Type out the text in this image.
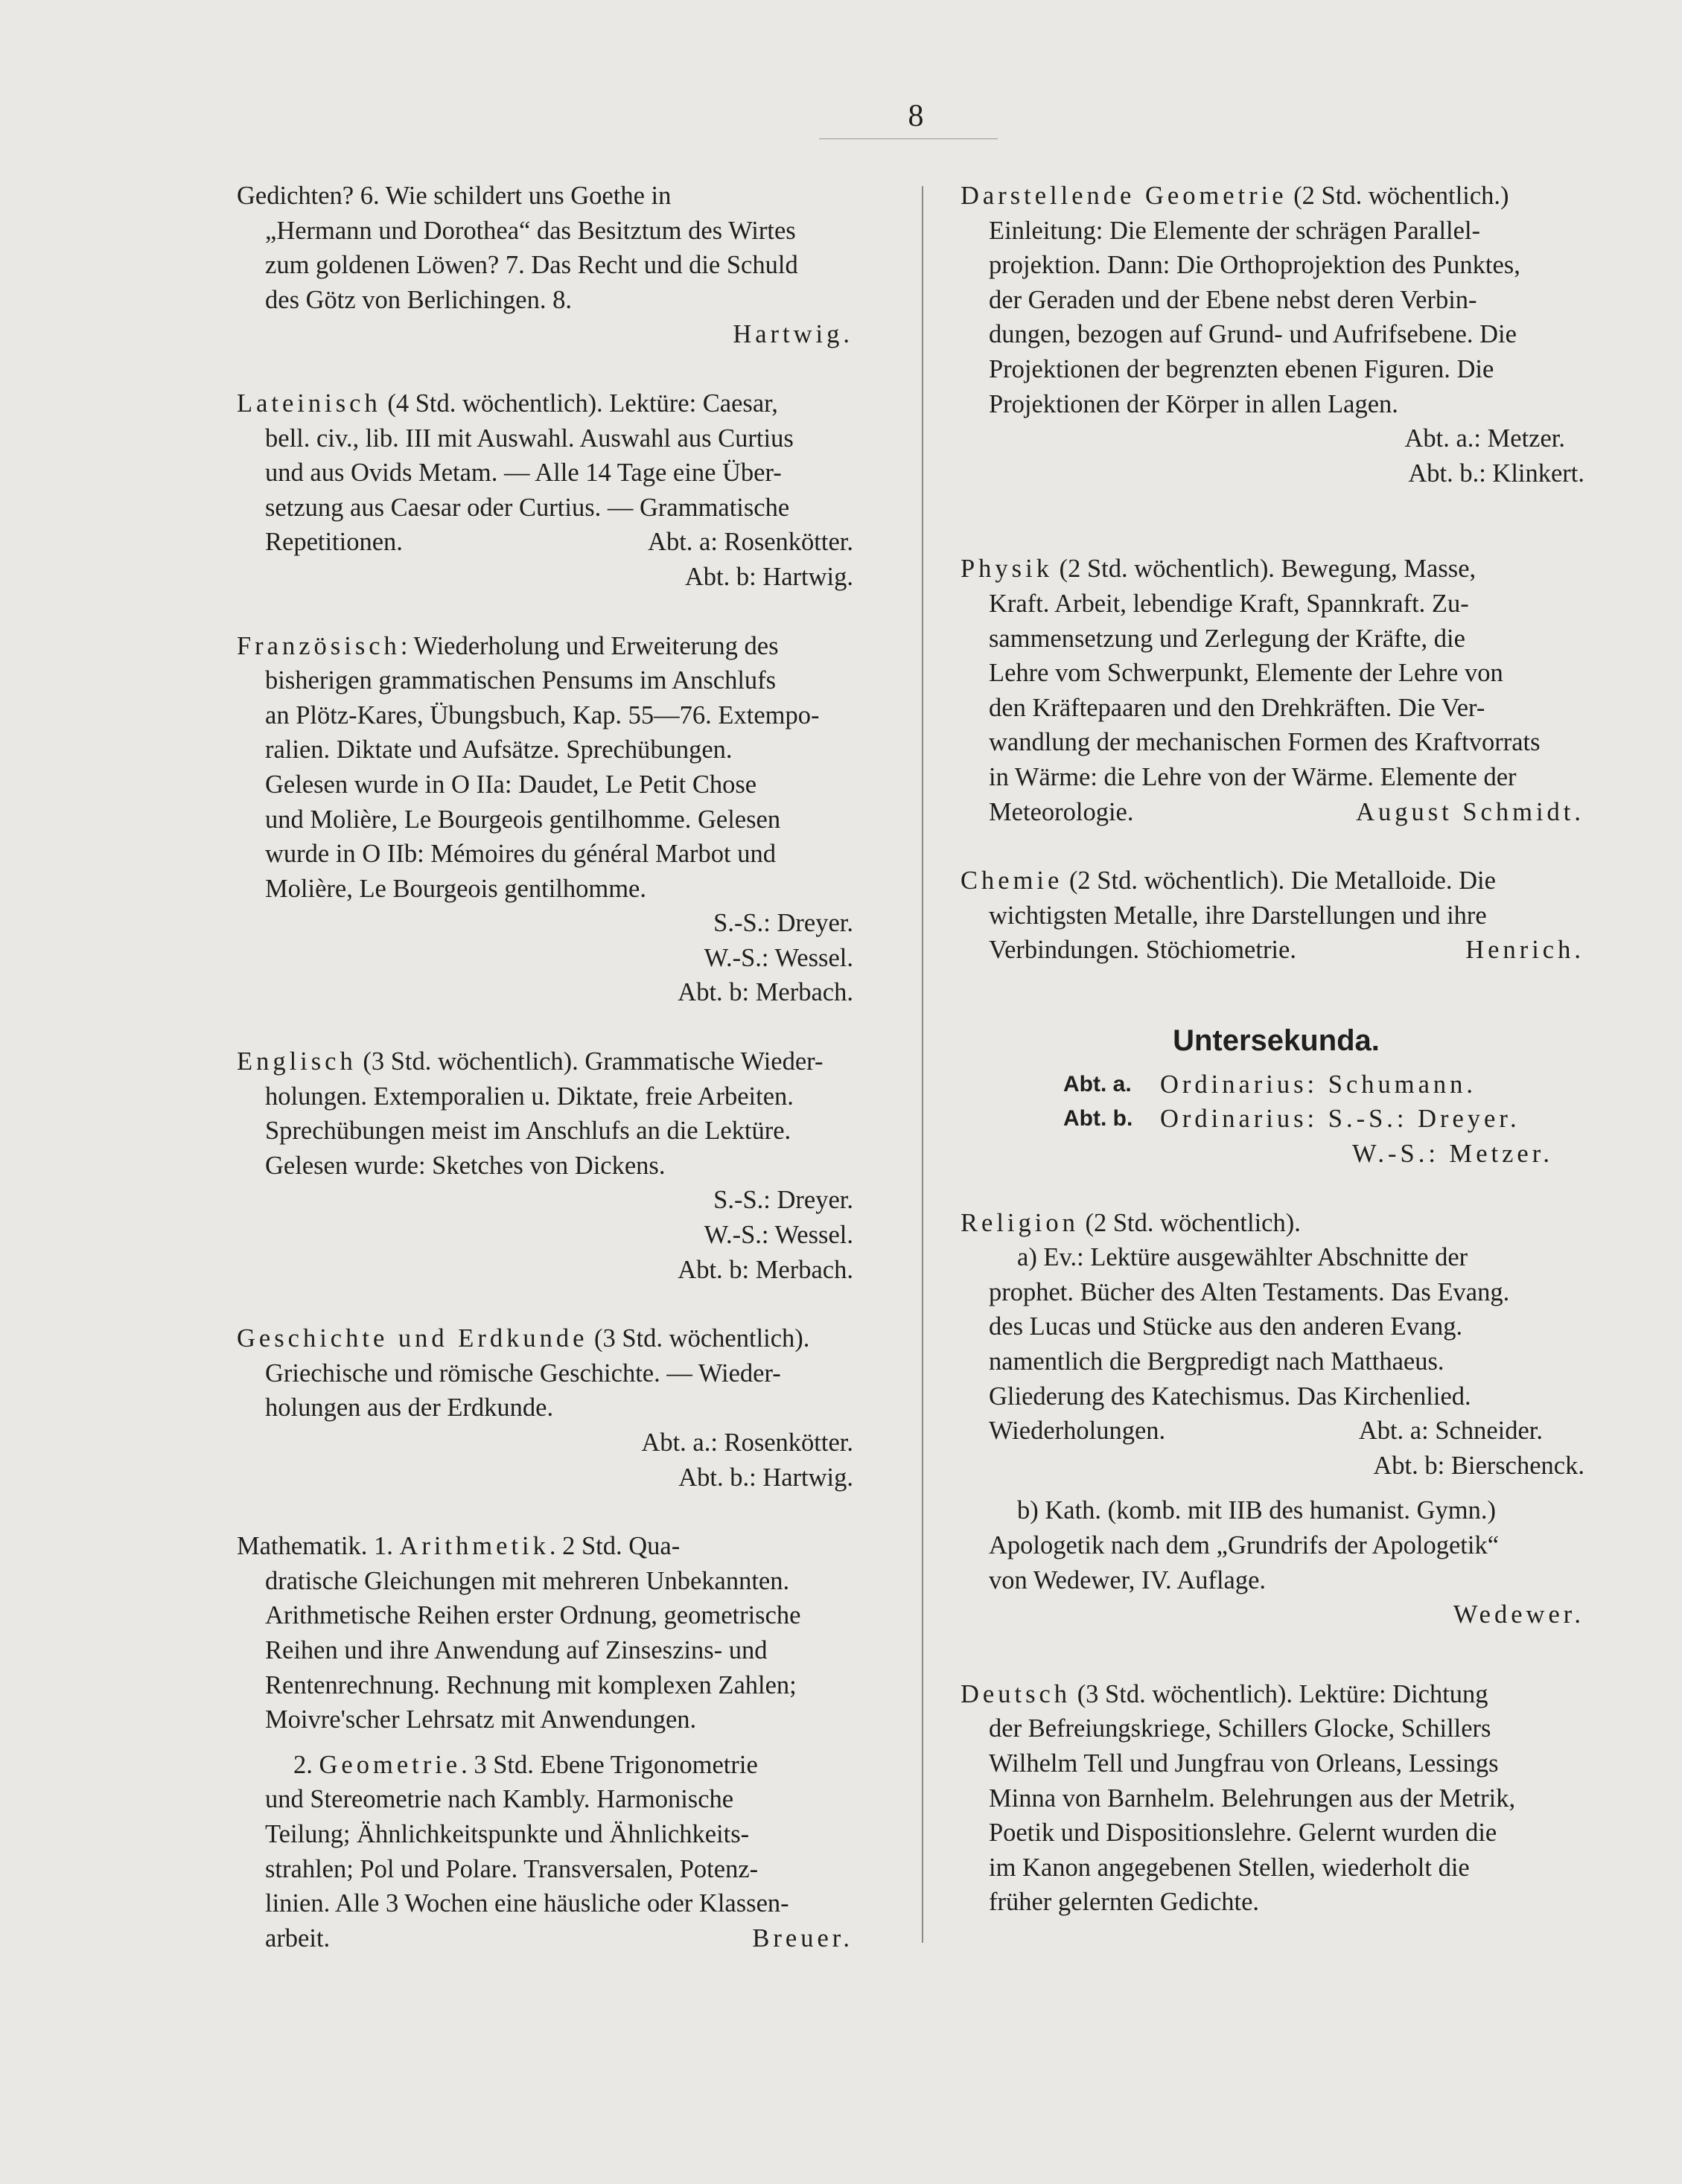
8

Gedichten? 6. Wie schildert uns Goethe in

„Hermann und Dorothea“ das Besitztum des Wirtes

zum goldenen Löwen? 7. Das Recht und die Schuld

des Götz von Berlichingen. 8.

Hartwig.

Lateinisch (4 Std. wöchentlich). Lektüre: Caesar,

bell. civ., lib. III mit Auswahl. Auswahl aus Curtius

und aus Ovids Metam. — Alle 14 Tage eine Über-

setzung aus Caesar oder Curtius. — Grammatische

Repetitionen.	Abt. a: Rosenkötter.

Abt. b: Hartwig.

Französisch: Wiederholung und Erweiterung des

bisherigen grammatischen Pensums im Anschlufs

an Plötz-Kares, Übungsbuch, Kap. 55—76. Extempo-

ralien. Diktate und Aufsätze. Sprechübungen.

Gelesen wurde in O IIa: Daudet, Le Petit Chose

und Molière, Le Bourgeois gentilhomme. Gelesen

wurde in O IIb: Mémoires du général Marbot und

Molière, Le Bourgeois gentilhomme.

S.-S.: Dreyer.

W.-S.: Wessel.

Abt. b: Merbach.

Englisch (3 Std. wöchentlich). Grammatische Wieder-

holungen. Extemporalien u. Diktate, freie Arbeiten.

Sprechübungen meist im Anschlufs an die Lektüre.

Gelesen wurde: Sketches von Dickens.

S.-S.: Dreyer.

W.-S.: Wessel.

Abt. b: Merbach.

Geschichte und Erdkunde (3 Std. wöchentlich).

Griechische und römische Geschichte. — Wieder-

holungen aus der Erdkunde.

Abt. a.: Rosenkötter.

Abt. b.: Hartwig.

Mathematik. 1. Arithmetik. 2 Std. Qua-

dratische Gleichungen mit mehreren Unbekannten.

Arithmetische Reihen erster Ordnung, geometrische

Reihen und ihre Anwendung auf Zinseszins- und

Rentenrechnung. Rechnung mit komplexen Zahlen;

Moivre'scher Lehrsatz mit Anwendungen.

2. Geometrie. 3 Std. Ebene Trigonometrie

und Stereometrie nach Kambly. Harmonische

Teilung; Ähnlichkeitspunkte und Ähnlichkeits-

strahlen; Pol und Polare. Transversalen, Potenz-

linien. Alle 3 Wochen eine häusliche oder Klassen-

arbeit.	Breuer.

Darstellende Geometrie (2 Std. wöchentlich.)

Einleitung: Die Elemente der schrägen Parallel-

projektion. Dann: Die Orthoprojektion des Punktes,

der Geraden und der Ebene nebst deren Verbin-

dungen, bezogen auf Grund- und Aufrifsebene. Die

Projektionen der begrenzten ebenen Figuren. Die

Projektionen der Körper in allen Lagen.

Abt. a.: Metzer.

Abt. b.: Klinkert.

Physik (2 Std. wöchentlich). Bewegung, Masse,

Kraft. Arbeit, lebendige Kraft, Spannkraft. Zu-

sammensetzung und Zerlegung der Kräfte, die

Lehre vom Schwerpunkt, Elemente der Lehre von

den Kräftepaaren und den Drehkräften. Die Ver-

wandlung der mechanischen Formen des Kraftvorrats

in Wärme: die Lehre von der Wärme. Elemente der

Meteorologie.	August Schmidt.

Chemie (2 Std. wöchentlich). Die Metalloide. Die

wichtigsten Metalle, ihre Darstellungen und ihre

Verbindungen. Stöchiometrie.	Henrich.
Untersekunda.
Abt. a.	Ordinarius: Schumann.
Abt. b.	Ordinarius: S.-S.: Dreyer.

W.-S.: Metzer.

Religion (2 Std. wöchentlich).

a) Ev.: Lektüre ausgewählter Abschnitte der

prophet. Bücher des Alten Testaments. Das Evang.

des Lucas und Stücke aus den anderen Evang.

namentlich die Bergpredigt nach Matthaeus.

Gliederung des Katechismus. Das Kirchenlied.

Wiederholungen.	Abt. a: Schneider.

Abt. b: Bierschenck.

b) Kath. (komb. mit IIB des humanist. Gymn.)

Apologetik nach dem „Grundrifs der Apologetik“

von Wedewer, IV. Auflage.

Wedewer.

Deutsch (3 Std. wöchentlich). Lektüre: Dichtung

der Befreiungskriege, Schillers Glocke, Schillers

Wilhelm Tell und Jungfrau von Orleans, Lessings

Minna von Barnhelm. Belehrungen aus der Metrik,

Poetik und Dispositionslehre. Gelernt wurden die

im Kanon angegebenen Stellen, wiederholt die

früher gelernten Gedichte.
